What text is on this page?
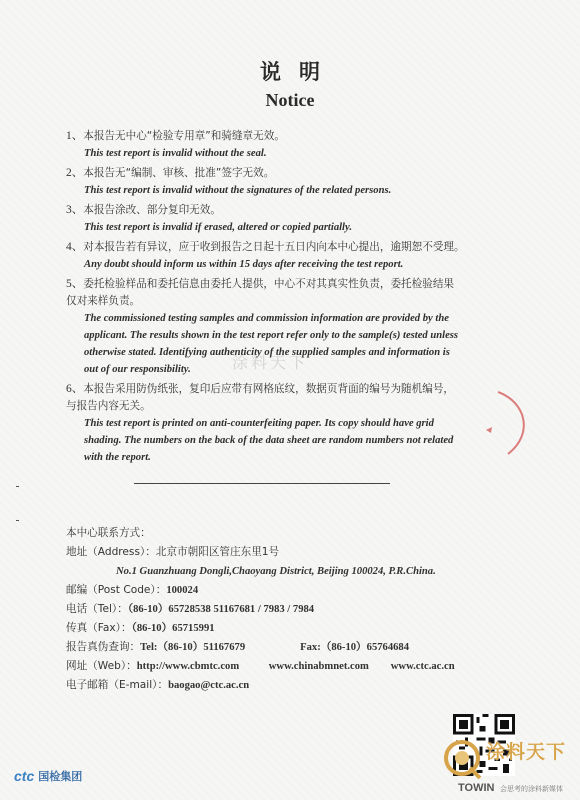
说明
Notice
1、本报告无中心“检验专用章”和骑缝章无效。
This test report is invalid without the seal.
2、本报告无“编制、审核、批准”签字无效。
This test report is invalid without the signatures of the related persons.
3、本报告涂改、部分复印无效。
This test report is invalid if erased, altered or copied partially.
4、对本报告若有异议，应于收到报告之日起十五日内向本中心提出，逾期恕不受理。
Any doubt should inform us within 15 days after receiving the test report.
5、委托检验样品和委托信息由委托人提供，中心不对其真实性负责，委托检验结果
仅对来样负责。
The commissioned testing samples and commission information are provided by the
applicant. The results shown in the test report refer only to the sample(s) tested unless
otherwise stated. Identifying authenticity of the supplied samples and information is
out of our responsibility.
6、本报告采用防伪纸张，复印后应带有网格底纹，数据页背面的编号为随机编号，
与报告内容无关。
This test report is printed on anti-counterfeiting paper. Its copy should have grid
shading. The numbers on the back of the data sheet are random numbers not related
with the report.
涂料天下
本中心联系方式：
地址（Address）：北京市朝阳区管庄东里1号
No.1 Guanzhuang Dongli,Chaoyang District, Beijing 100024, P.R.China.
邮编（Post Code）：100024
电话（Tel）：（86-10）65728538 51167681 / 7983 / 7984
传真（Fax）：（86-10）65715991
报告真伪查询：Tel:（86-10）51167679	Fax:（86-10）65764684
网址（Web）：http://www.cbmtc.com	www.chinabmnet.com www.ctc.ac.cn
电子邮箱（E-mail）：baogao@ctc.ac.cn
ctc 国检集团
涂料天下
TOWIN 会思考的涂料新媒体
